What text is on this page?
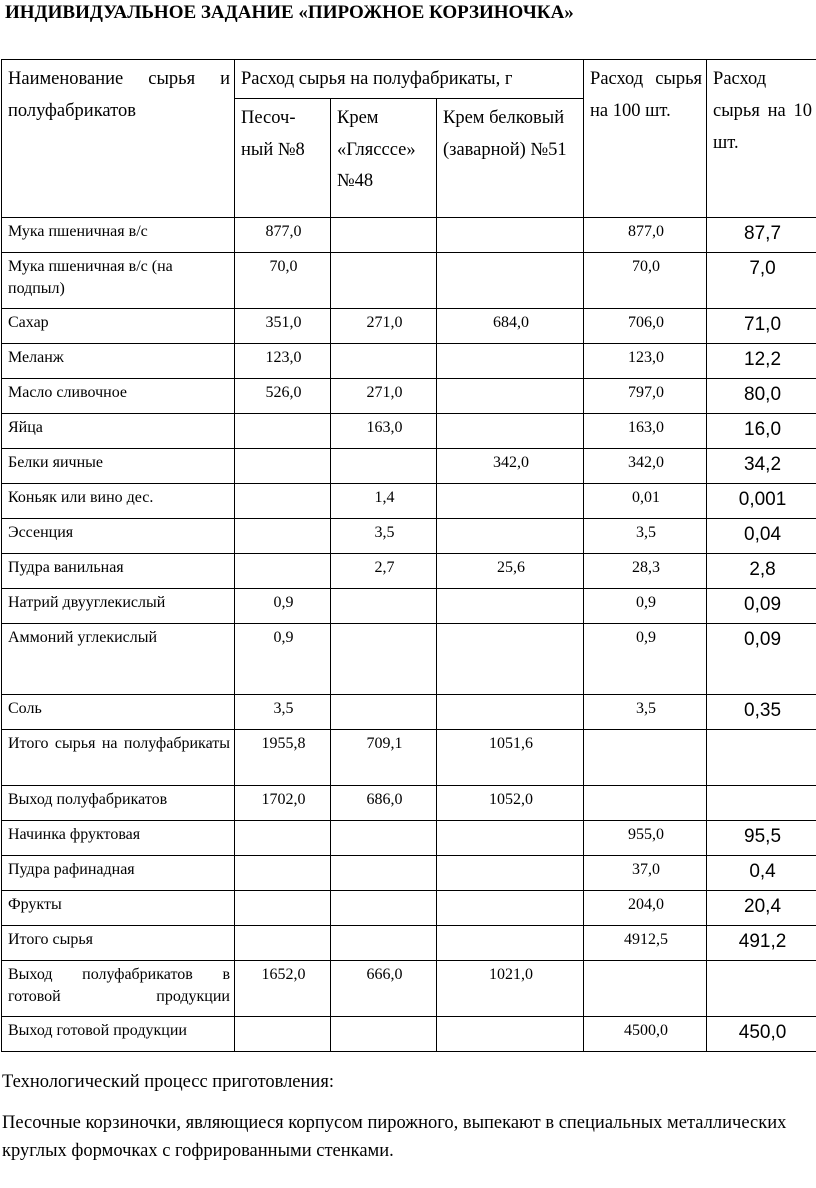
ИНДИВИДУАЛЬНОЕ ЗАДАНИЕ «ПИРОЖНОЕ КОРЗИНОЧКА»
Наименование сырья и полуфабрикатов	Расход сырья на полуфабрикаты, г			Расход сырья на 100 шт.	Расход сырья на 10 шт.
	Песоч-ный №8	Крем «Глясссе» №48	Крем белковый (заварной) №51		
Мука пшеничная в/с	877,0			877,0	87,7
Мука пшеничная в/с (на подпыл)	70,0			70,0	7,0
Сахар	351,0	271,0	684,0	706,0	71,0
Меланж	123,0			123,0	12,2
Масло сливочное	526,0	271,0		797,0	80,0
Яйца		163,0		163,0	16,0
Белки яичные			342,0	342,0	34,2
Коньяк или вино дес.		1,4		0,01	0,001
Эссенция		3,5		3,5	0,04
Пудра ванильная		2,7	25,6	28,3	2,8
Натрий двууглекислый	0,9			0,9	0,09
Аммоний углекислый	0,9			0,9	0,09
Соль	3,5			3,5	0,35
Итого сырья на полуфабрикаты	1955,8	709,1	1051,6		
Выход полуфабрикатов	1702,0	686,0	1052,0		
Начинка фруктовая				955,0	95,5
Пудра рафинадная				37,0	0,4
Фрукты				204,0	20,4
Итого сырья				4912,5	491,2
Выход полуфабрикатов в готовой продукции	1652,0	666,0	1021,0		
Выход готовой продукции				4500,0	450,0

Технологический процесс приготовления:

Песочные корзиночки, являющиеся корпусом пирожного, выпекают в специальных металлических круглых формочках с гофрированными стенками.
